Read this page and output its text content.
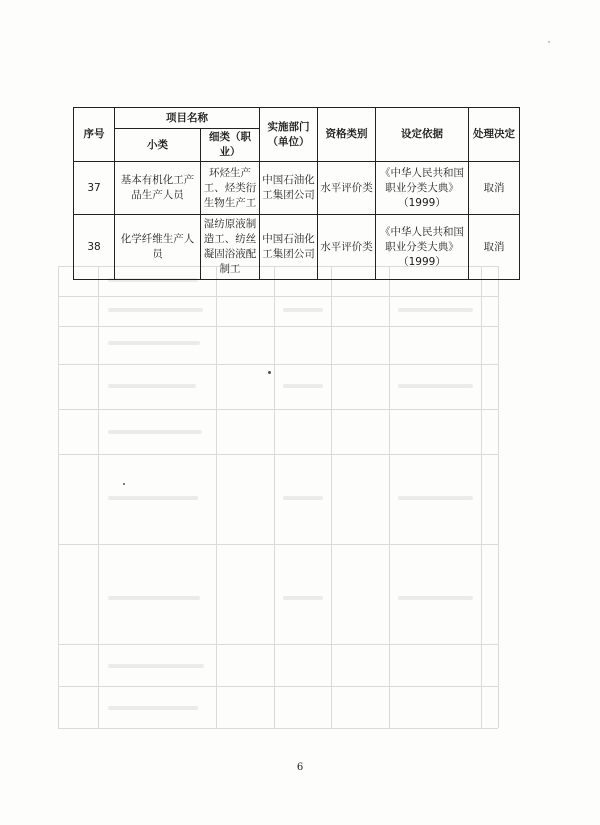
序号	项目名称		实施部门（单位）	资格类别	设定依据	处理决定
	小类	细类（职业）				
37	基本有机化工产品生产人员	环烃生产工、烃类衍生物生产工	中国石油化工集团公司	水平评价类	《中华人民共和国职业分类大典》（1999）	取消
38	化学纤维生产人员	湿纺原液制造工、纺丝凝固浴液配制工	中国石油化工集团公司	水平评价类	《中华人民共和国职业分类大典》（1999）	取消
6
